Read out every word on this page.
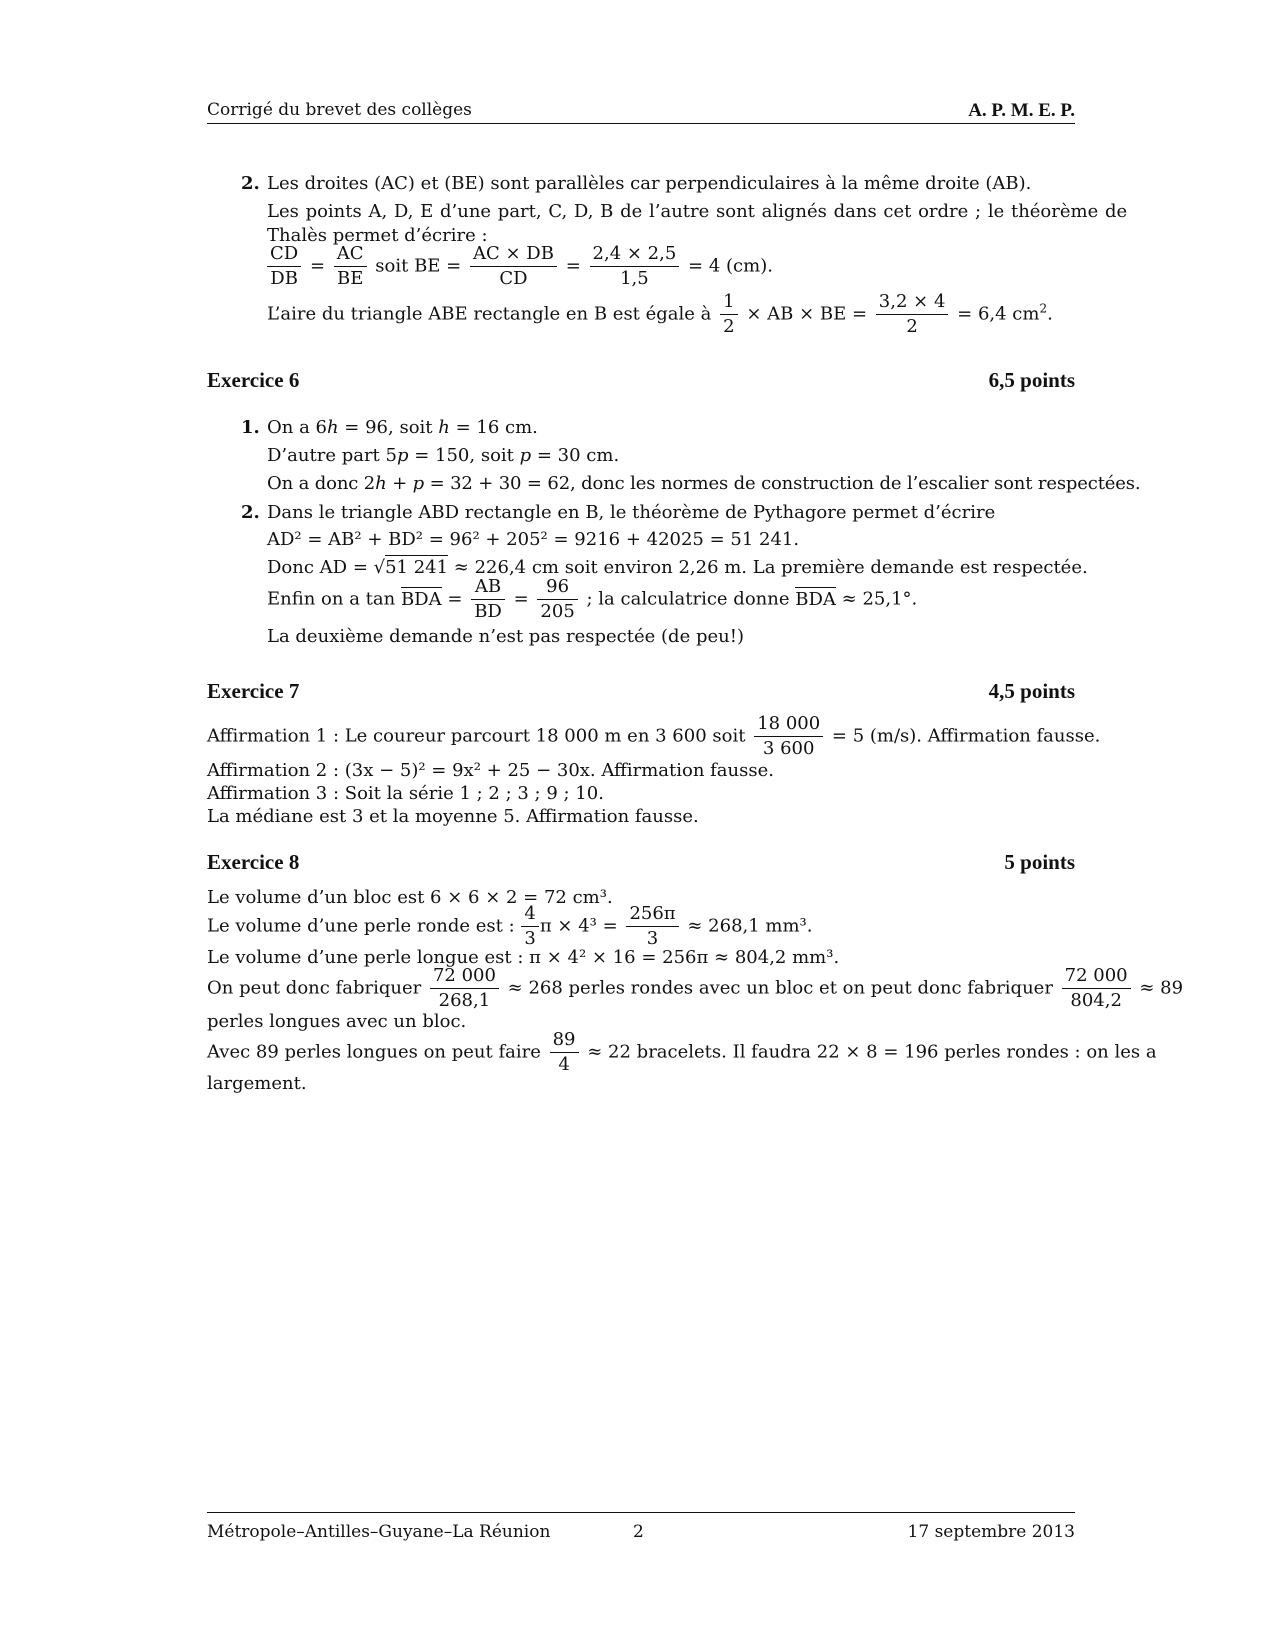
Corrigé du brevet des collèges	A. P. M. E. P.
2. Les droites (AC) et (BE) sont parallèles car perpendiculaires à la même droite (AB).
Les points A, D, E d’une part, C, D, B de l’autre sont alignés dans cet ordre ; le théorème de
Thalès permet d’écrire :
$\frac{CD}{DB} = \frac{AC}{BE}$ soit BE = $\frac{AC \times DB}{CD} = \frac{2,4 \times 2,5}{1,5} = 4$ (cm).
L’aire du triangle ABE rectangle en B est égale à $\frac{1}{2}$ × AB × BE = $\frac{3,2 \times 4}{2} = 6,4$ $cm^2$.
Exercice 6	6,5 points
1. On a 6h = 96, soit h = 16 cm.
D’autre part 5p = 150, soit p = 30 cm.
On a donc 2h + p = 32 + 30 = 62, donc les normes de construction de l’escalier sont respectées.
2. Dans le triangle ABD rectangle en B, le théorème de Pythagore permet d’écrire
AD² = AB² + BD² = 96² + 205² = 9216 + 42025 = 51 241.
Donc AD = √51 241 ≈ 226,4 cm soit environ 2,26 m. La première demande est respectée.
Enfin on a tan BDA = $\frac{AB}{BD} = \frac{96}{205}$ ; la calculatrice donne BDA ≈ 25,1°.
La deuxième demande n’est pas respectée (de peu!)
Exercice 7	4,5 points
Affirmation 1 : Le coureur parcourt 18 000 m en 3 600 soit $\frac{18 000}{3 600} = 5$ (m/s). Affirmation fausse.
Affirmation 2 : (3x − 5)² = 9x² + 25 − 30x. Affirmation fausse.
Affirmation 3 : Soit la série 1 ; 2 ; 3 ; 9 ; 10.
La médiane est 3 et la moyenne 5. Affirmation fausse.
Exercice 8	5 points
Le volume d’un bloc est 6 × 6 × 2 = 72 cm³.
Le volume d’une perle ronde est : $\frac{4}{3}$ $\pi \times 4^3 = \frac{256\pi}{3} \approx 268,1$ mm³.
Le volume d’une perle longue est : π × 4² × 16 = 256π ≈ 804,2 mm³.
On peut donc fabriquer $\frac{72 000}{268,1} \approx 268$ perles rondes avec un bloc et on peut donc fabriquer $\frac{72 000}{804,2} \approx 89$
perles longues avec un bloc.
Avec 89 perles longues on peut faire $\frac{89}{4} \approx 22$ bracelets. Il faudra 22 × 8 = 196 perles rondes : on les a
largement.
Métropole–Antilles–Guyane–La Réunion	2	17 septembre 2013
